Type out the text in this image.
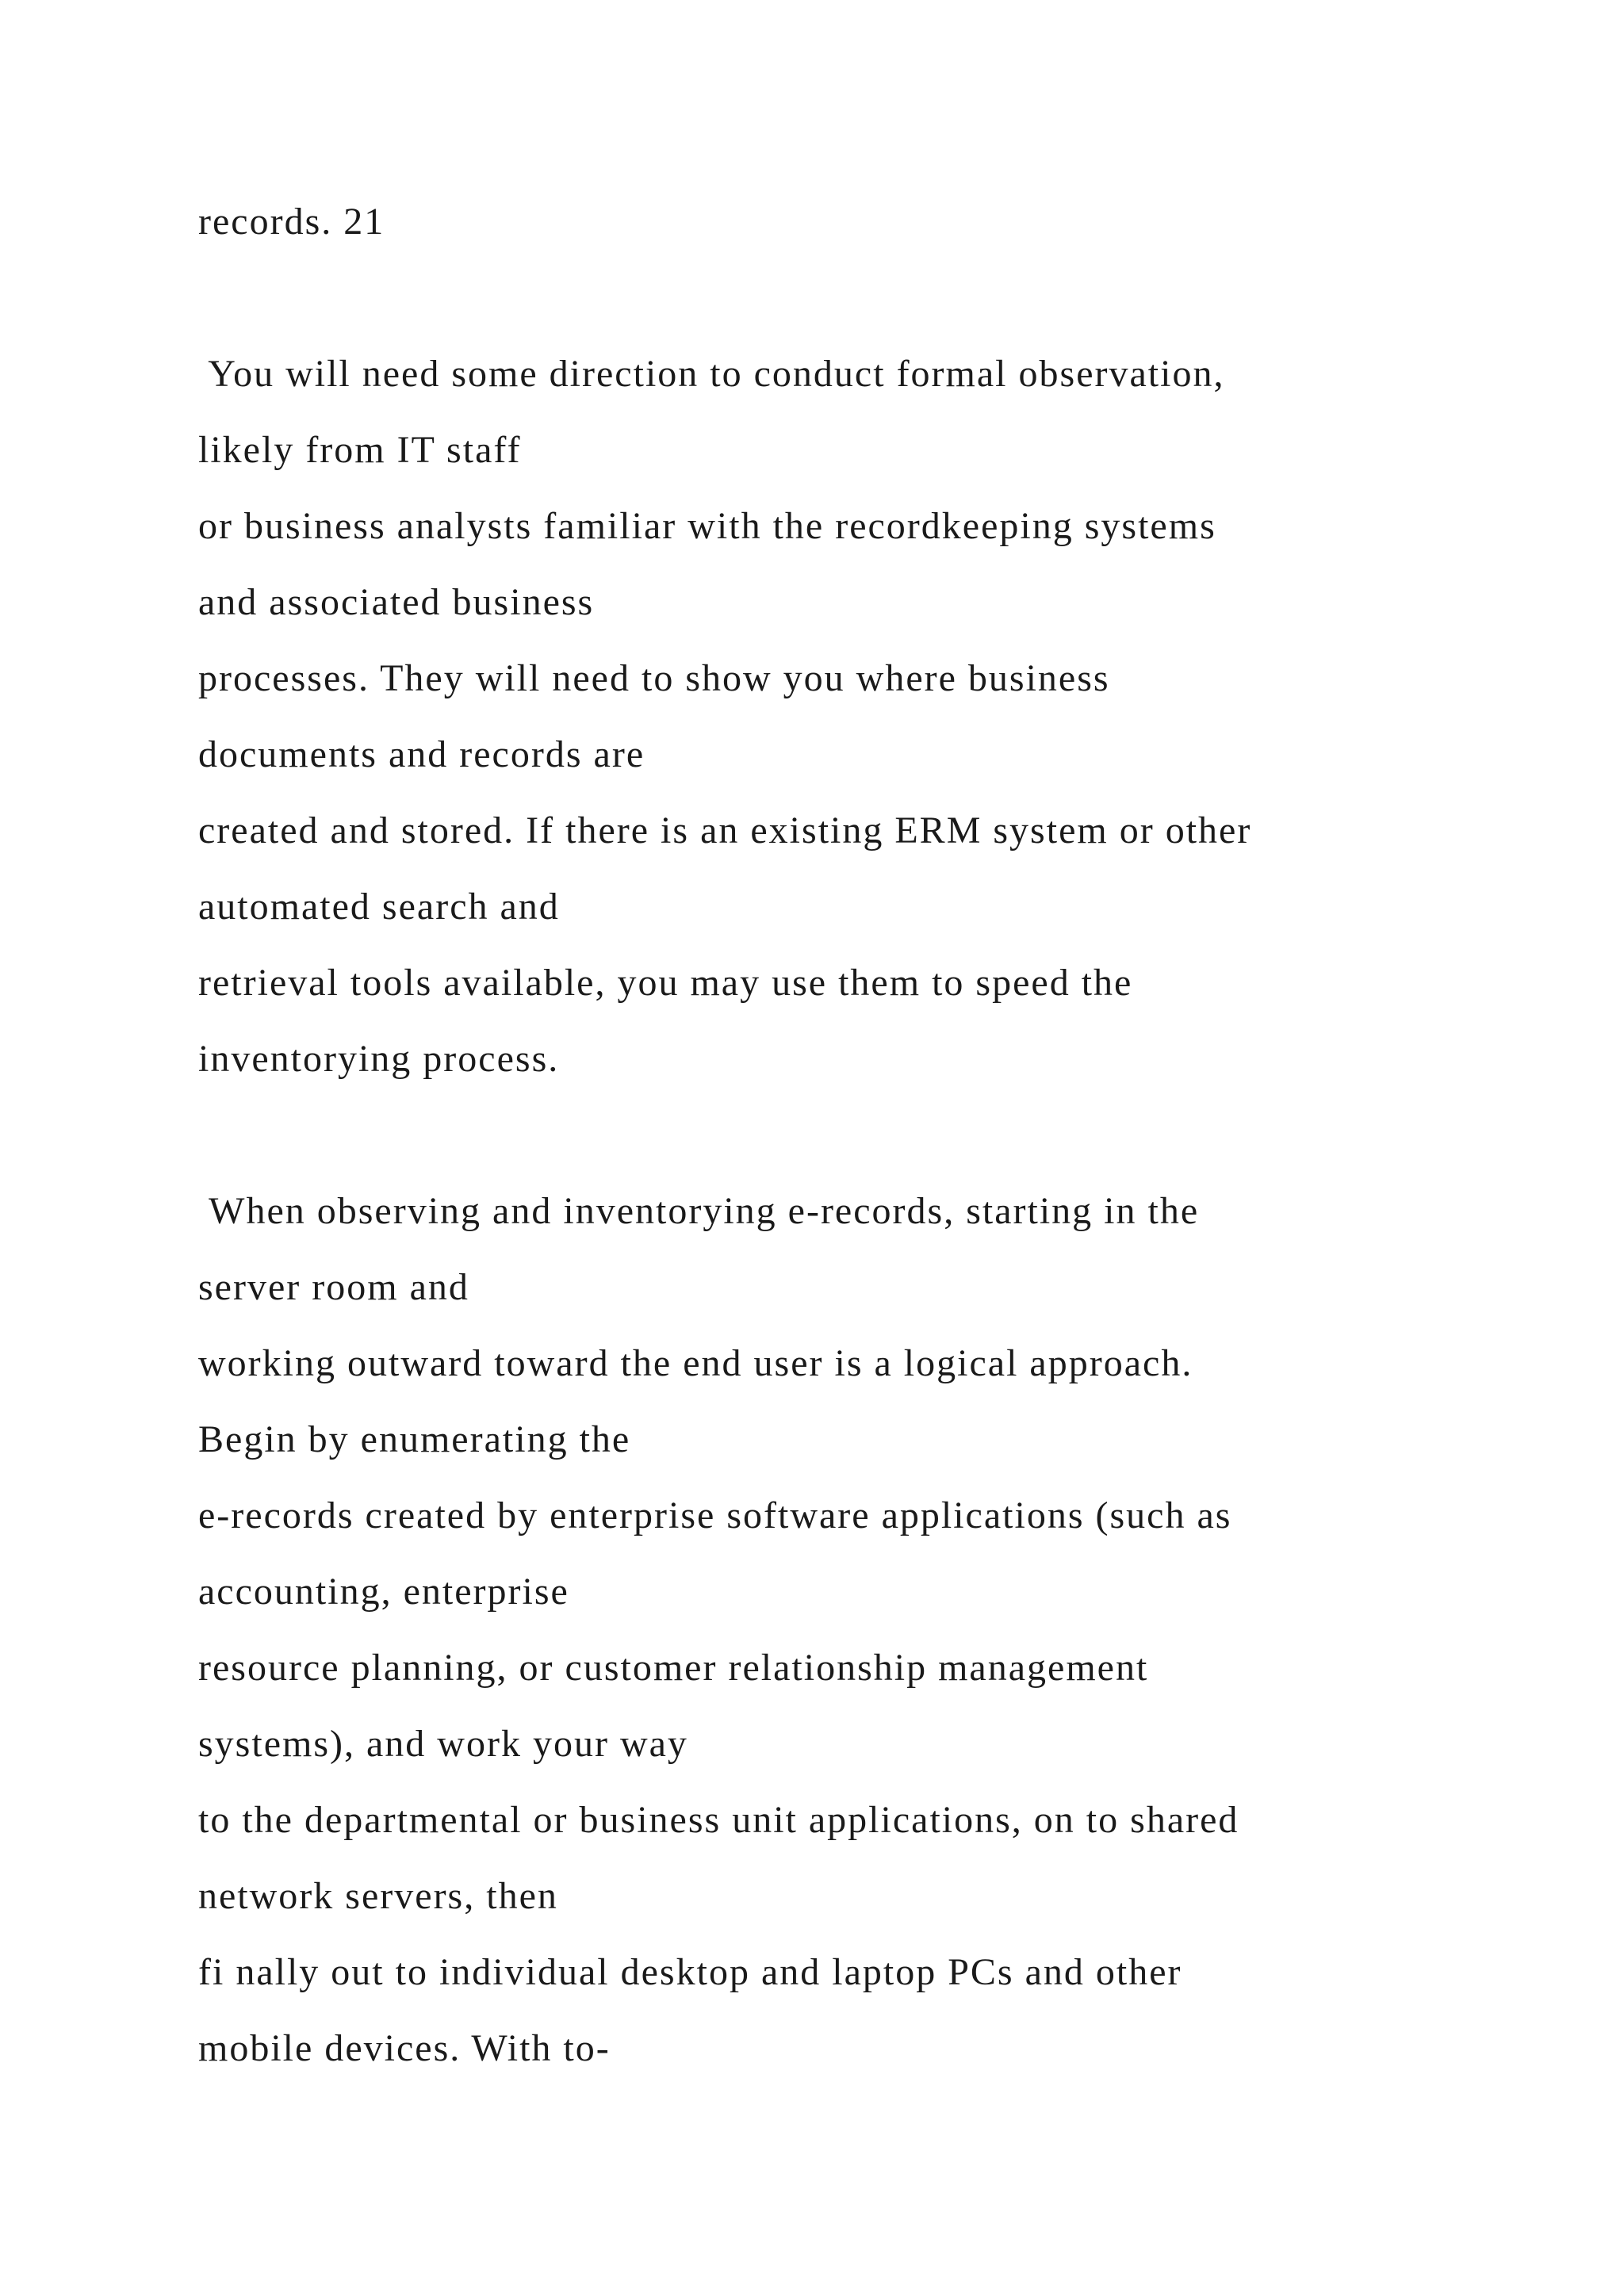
records. 21
You will need some direction to conduct formal observation,
likely from IT staff
or business analysts familiar with the recordkeeping systems
and associated business
processes. They will need to show you where business
documents and records are
created and stored. If there is an existing ERM system or other
automated search and
retrieval tools available, you may use them to speed the
inventorying process.
When observing and inventorying e-records, starting in the
server room and
working outward toward the end user is a logical approach.
Begin by enumerating the
e-records created by enterprise software applications (such as
accounting, enterprise
resource planning, or customer relationship management
systems), and work your way
to the departmental or business unit applications, on to shared
network servers, then
fi nally out to individual desktop and laptop PCs and other
mobile devices. With to-
